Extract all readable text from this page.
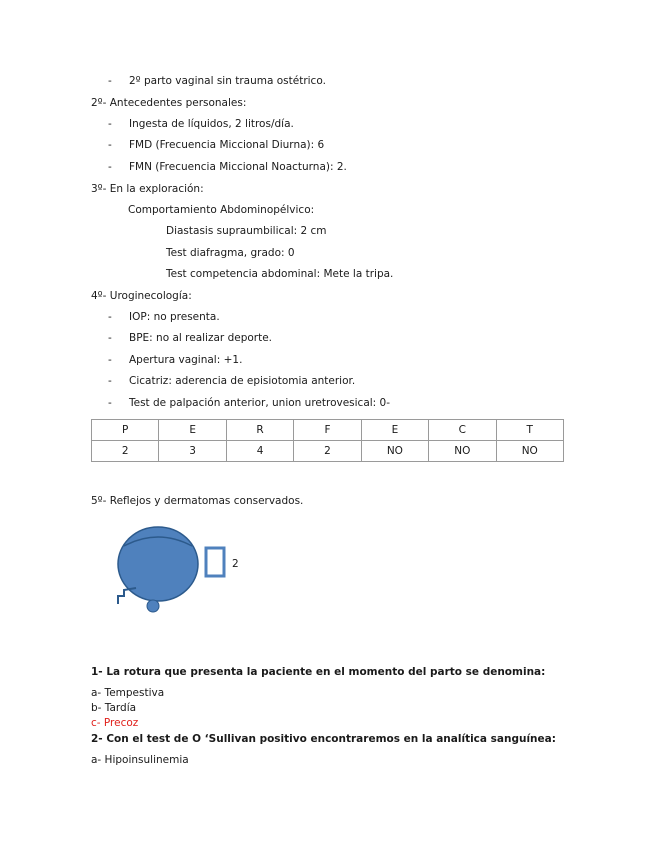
- 2º parto vaginal sin trauma ostétrico.
2º- Antecedentes personales:
- Ingesta de líquidos, 2 litros/día.
- FMD (Frecuencia Miccional Diurna): 6
- FMN (Frecuencia Miccional Noacturna): 2.
3º- En la exploración:
Comportamiento Abdominopélvico:
Diastasis supraumbilical: 2 cm
Test diafragma, grado: 0
Test competencia abdominal: Mete la tripa.
4º- Uroginecología:
- IOP: no presenta.
- BPE: no al realizar deporte.
- Apertura vaginal: +1.
- Cicatriz: aderencia de episiotomia anterior.
- Test de palpación anterior, union uretrovesical: 0-
P	E	R	F	E	C	T
2	3	4	2	NO	NO	NO
5º- Reflejos y dermatomas conservados.
2
1- La rotura que presenta la paciente en el momento del parto se denomina:
a- Tempestiva
b- Tardía
c- Precoz
2- Con el test de O ‘Sullivan positivo encontraremos en la analítica sanguínea:
a- Hipoinsulinemia
